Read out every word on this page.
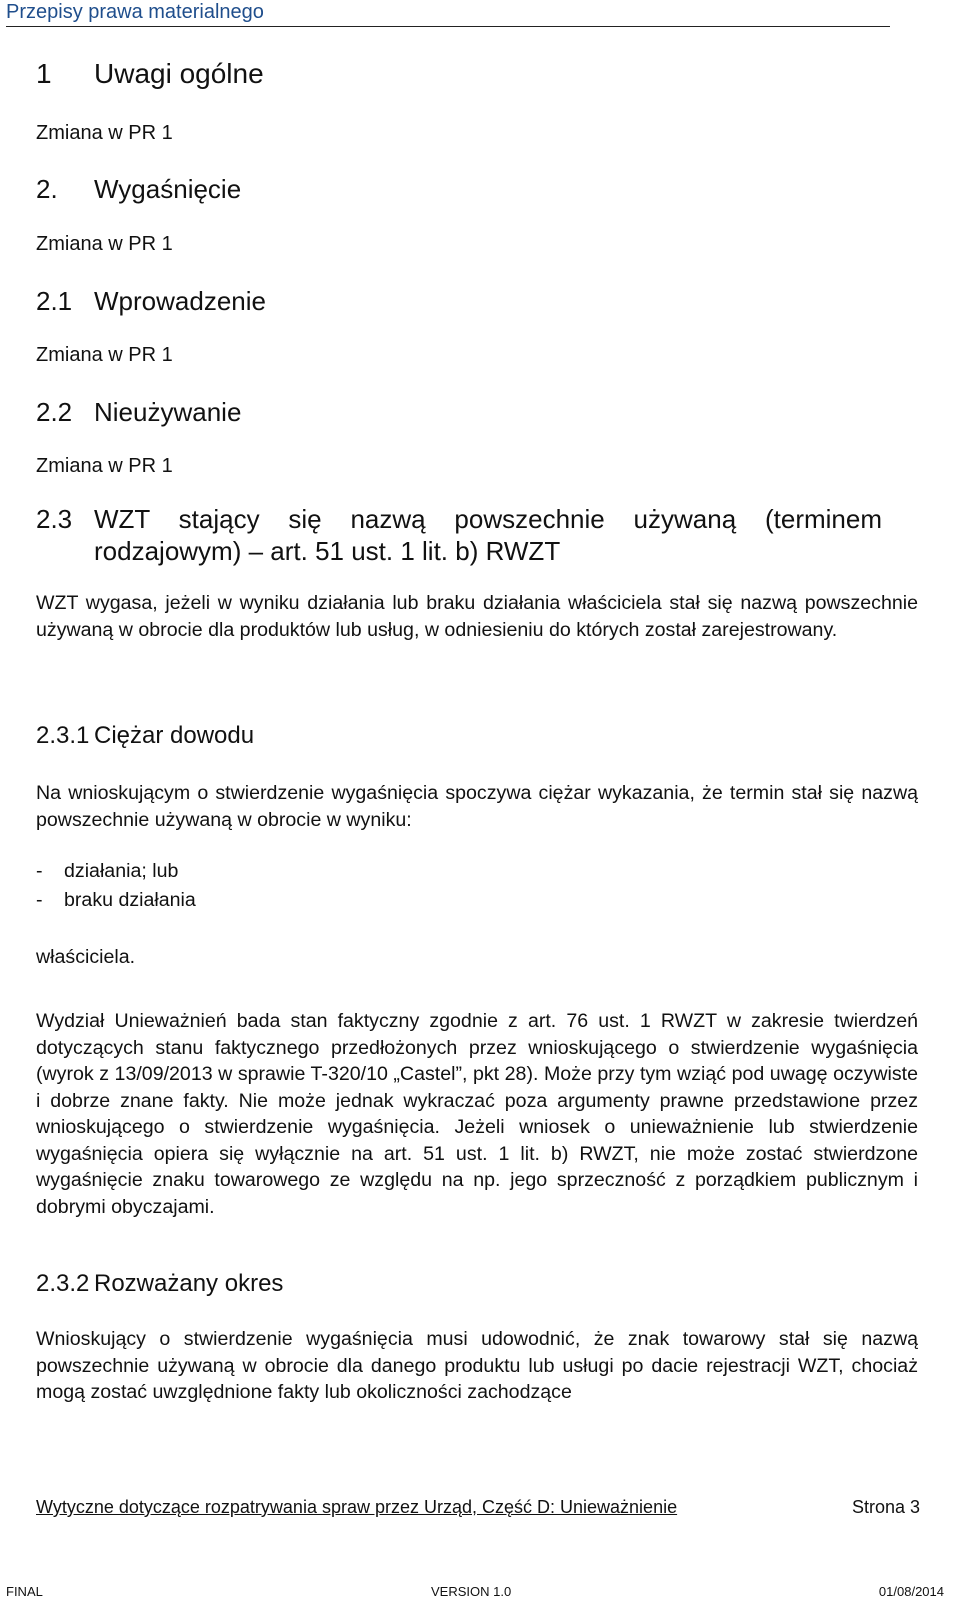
Przepisy prawa materialnego
1 Uwagi ogólne
Zmiana w PR 1
2. Wygaśnięcie
Zmiana w PR 1
2.1 Wprowadzenie
Zmiana w PR 1
2.2 Nieużywanie
Zmiana w PR 1
2.3 WZT stający się nazwą powszechnie używaną (terminem
rodzajowym) – art. 51 ust. 1 lit. b) RWZT
WZT wygasa, jeżeli w wyniku działania lub braku działania właściciela stał się nazwą powszechnie używaną w obrocie dla produktów lub usług, w odniesieniu do których został zarejestrowany.
2.3.1 Ciężar dowodu
Na wnioskującym o stwierdzenie wygaśnięcia spoczywa ciężar wykazania, że termin stał się nazwą powszechnie używaną w obrocie w wyniku:
- działania; lub
- braku działania
właściciela.
Wydział Unieważnień bada stan faktyczny zgodnie z art. 76 ust. 1 RWZT w zakresie twierdzeń dotyczących stanu faktycznego przedłożonych przez wnioskującego o stwierdzenie wygaśnięcia (wyrok z 13/09/2013 w sprawie T-320/10 „Castel”, pkt 28). Może przy tym wziąć pod uwagę oczywiste i dobrze znane fakty. Nie może jednak wykraczać poza argumenty prawne przedstawione przez wnioskującego o stwierdzenie wygaśnięcia. Jeżeli wniosek o unieważnienie lub stwierdzenie wygaśnięcia opiera się wyłącznie na art. 51 ust. 1 lit. b) RWZT, nie może zostać stwierdzone wygaśnięcie znaku towarowego ze względu na np. jego sprzeczność z porządkiem publicznym i dobrymi obyczajami.
2.3.2 Rozważany okres
Wnioskujący o stwierdzenie wygaśnięcia musi udowodnić, że znak towarowy stał się nazwą powszechnie używaną w obrocie dla danego produktu lub usługi po dacie rejestracji WZT, chociaż mogą zostać uwzględnione fakty lub okoliczności zachodzące
Wytyczne dotyczące rozpatrywania spraw przez Urząd, Część D: Unieważnienie	Strona 3
FINAL	VERSION 1.0	01/08/2014
